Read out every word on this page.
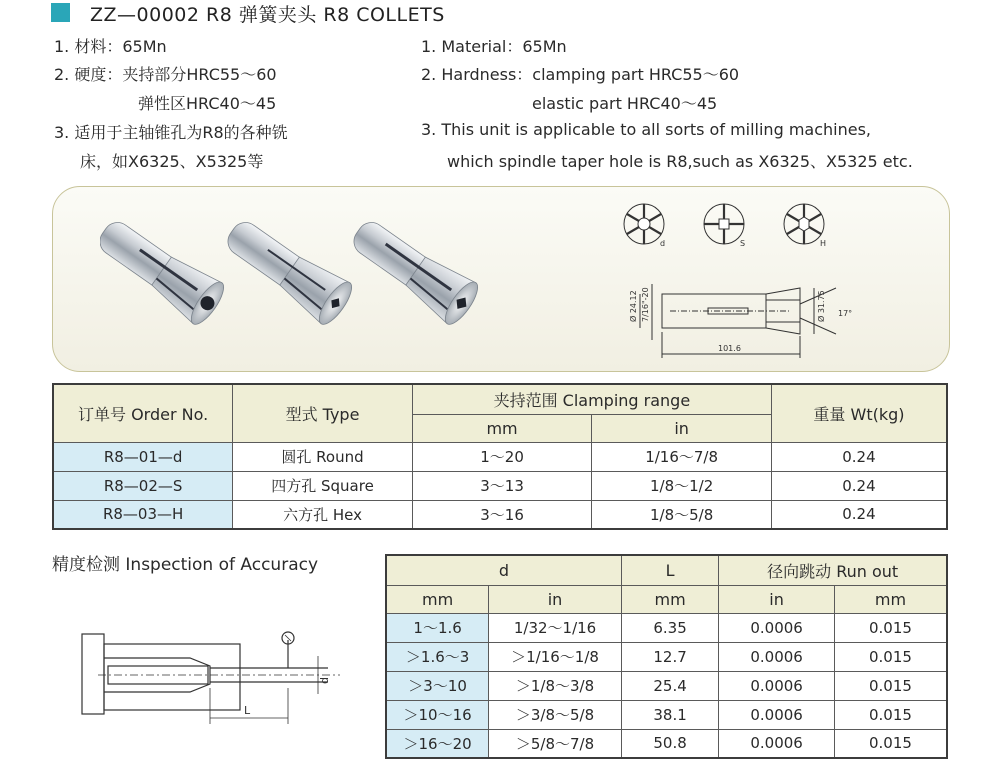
ZZ—00002 R8 弹簧夹头 R8 COLLETS
1. 材料：65Mn
2. 硬度：夹持部分HRC55～60
弹性区HRC40～45
3. 适用于主轴锥孔为R8的各种铣
床，如X6325、X5325等
1. Material：65Mn
2. Hardness：clamping part HRC55～60
elastic part HRC40～45
3. This unit is applicable to all sorts of milling machines,
which spindle taper hole is R8,such as X6325、X5325 etc.
Ø 24.12 7/16"-20	Ø 31.75 17°
101.6
d	S	H
订单号 Order No.	型式 Type	夹持范围 Clamping range		重量 Wt(kg)
		mm	in	
R8—01—d	圆孔 Round	1～20	1/16～7/8	0.24
R8—02—S	四方孔 Square	3～13	1/8～1/2	0.24
R8—03—H	六方孔 Hex	3～16	1/8～5/8	0.24
精度检测 Inspection of Accuracy
d
L
d		L	径向跳动 Run out	
mm	in	mm	in	mm
1～1.6	1/32～1/16	6.35	0.0006	0.015
＞1.6～3	＞1/16～1/8	12.7	0.0006	0.015
＞3～10	＞1/8～3/8	25.4	0.0006	0.015
＞10～16	＞3/8～5/8	38.1	0.0006	0.015
＞16～20	＞5/8～7/8	50.8	0.0006	0.015
